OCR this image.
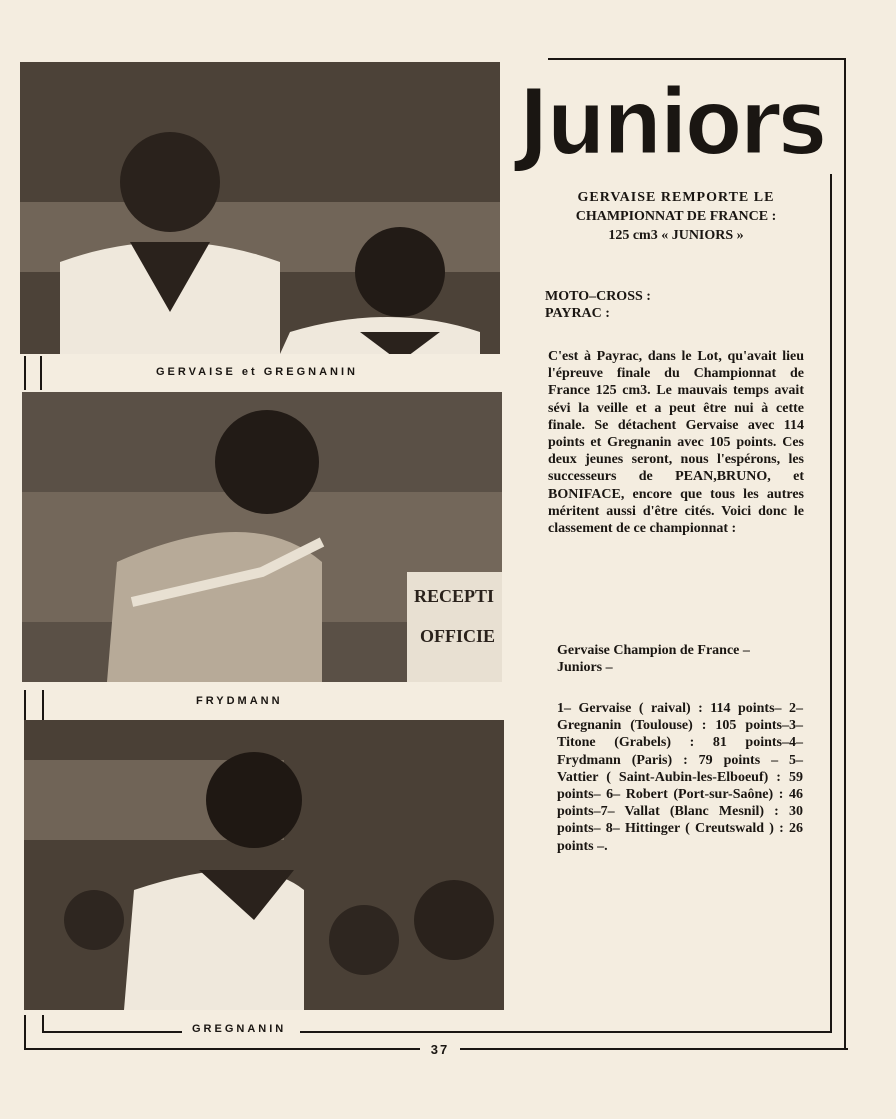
GERVAISE et GREGNANIN
RECEPTI
OFFICIE
FRYDMANN
GREGNANIN
Juniors
GERVAISE REMPORTE LE
CHAMPIONNAT DE FRANCE :
125 cm3 « JUNIORS »
MOTO–CROSS :
PAYRAC :
C'est à Payrac, dans le Lot, qu'avait lieu l'épreuve finale du Championnat de France 125 cm3. Le mauvais temps avait sévi la veille et a peut être nui à cette finale. Se détachent Gervaise avec 114 points et Gregnanin avec 105 points. Ces deux jeunes seront, nous l'espérons, les successeurs de PEAN,BRUNO, et BONIFACE, encore que tous les autres méritent aussi d'être cités. Voici donc le classement de ce championnat :
Gervaise Champion de France –
Juniors –
1– Gervaise ( raival) : 114 points– 2–Gregnanin (Toulouse) : 105 points–3– Titone (Grabels) : 81 points–4– Frydmann (Paris) : 79 points – 5– Vattier ( Saint-Aubin-les-Elboeuf) : 59 points– 6– Robert (Port-sur-Saône) : 46 points–7– Vallat (Blanc Mesnil) : 30 points– 8– Hittinger ( Creutswald ) : 26 points –.
37
